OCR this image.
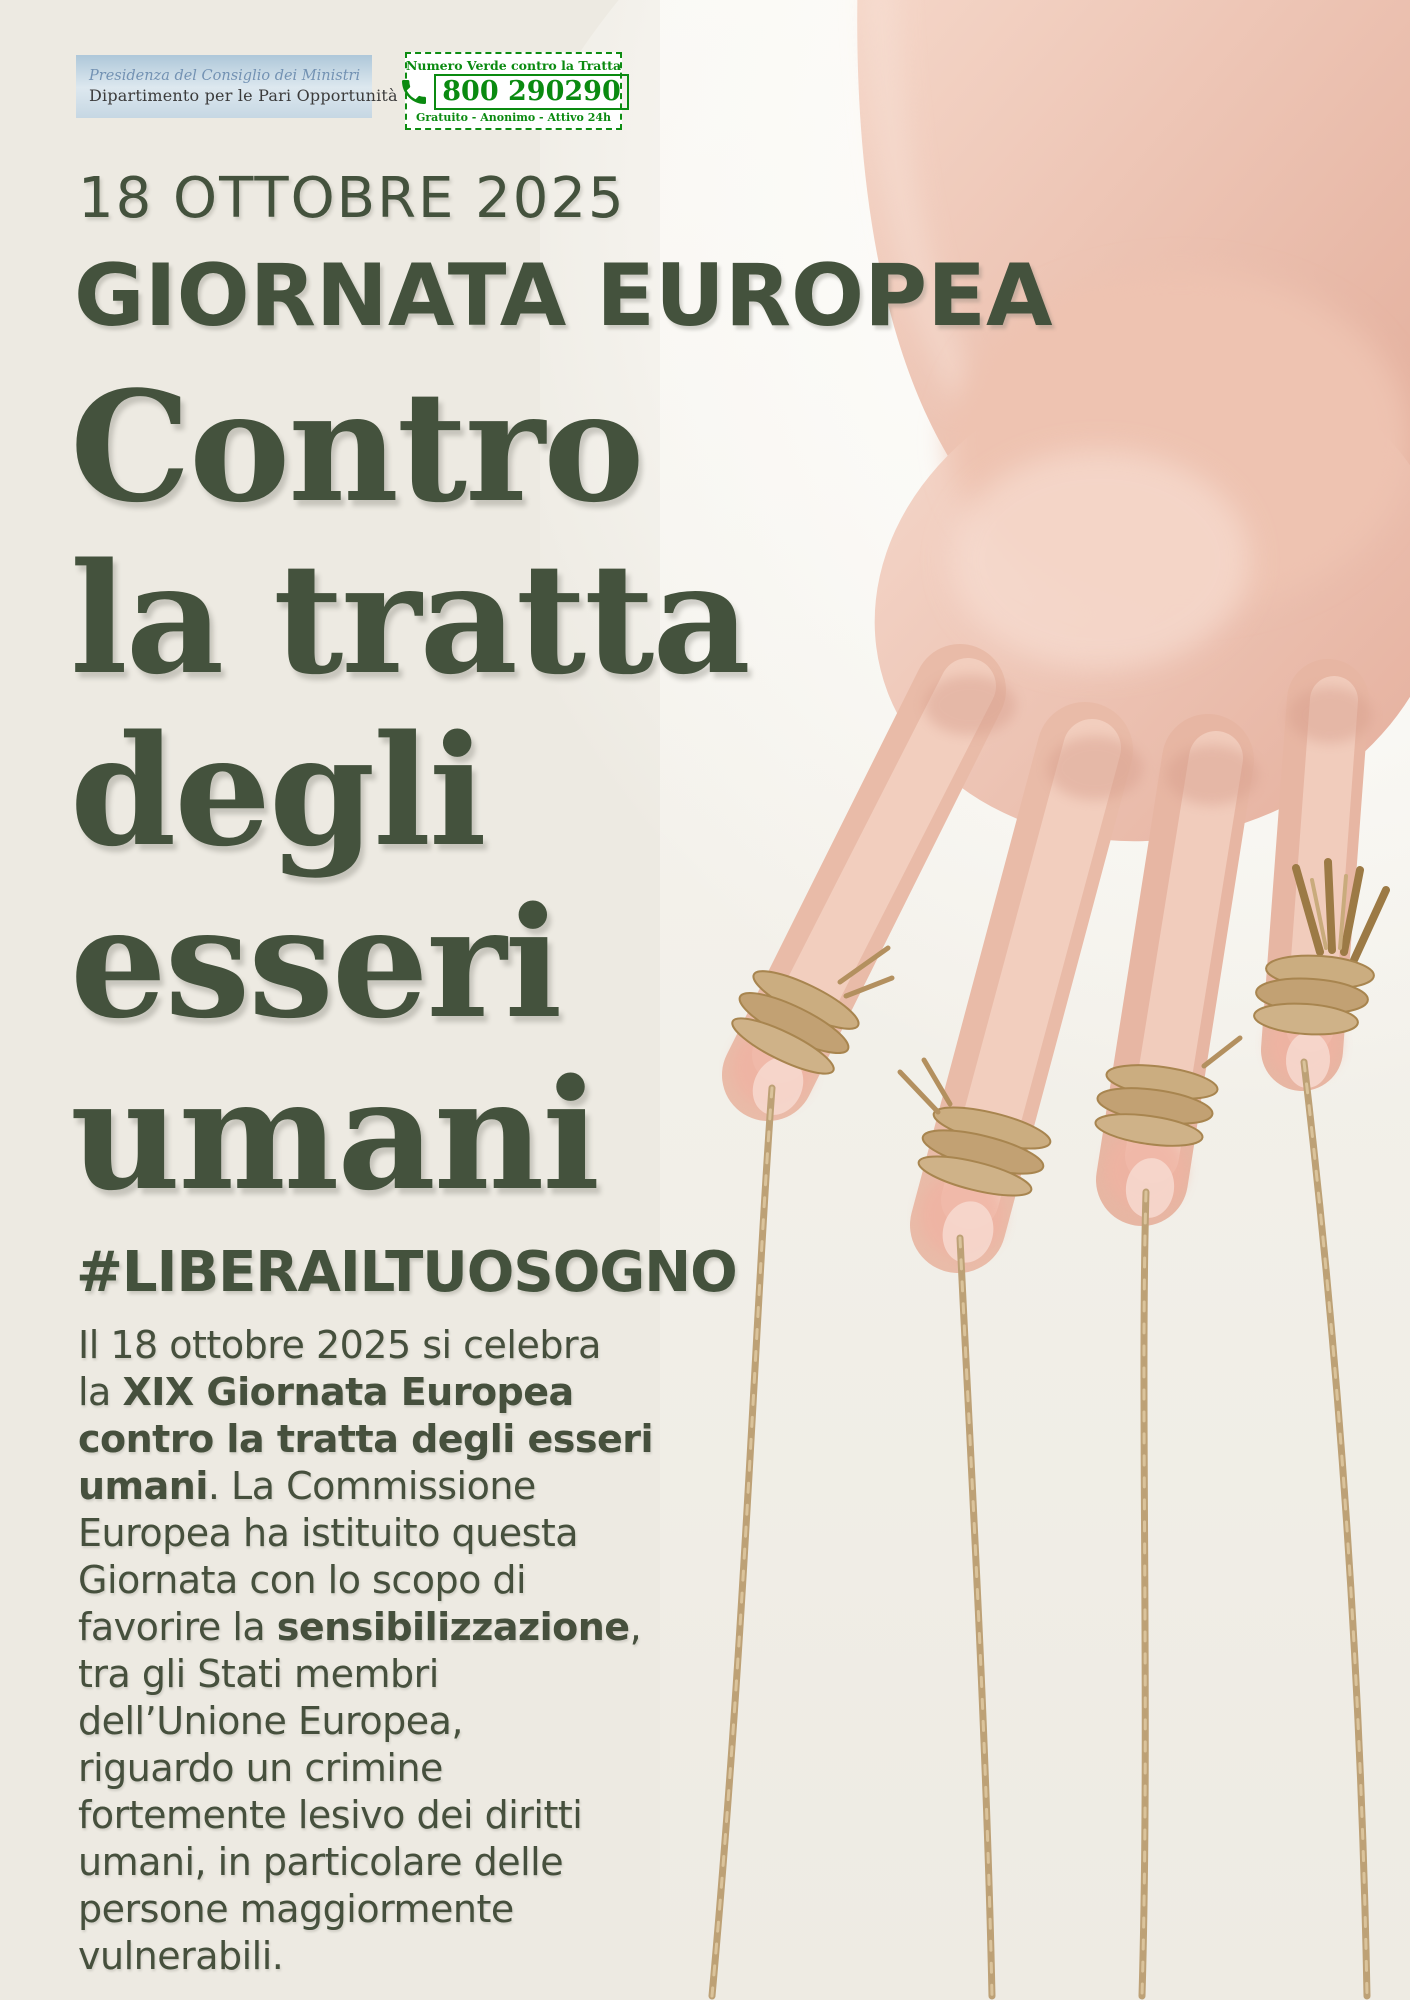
Presidenza del Consiglio dei Ministri
Dipartimento per le Pari Opportunità
Numero Verde contro la Tratta
800 290290
Gratuito - Anonimo - Attivo 24h
18 OTTOBRE 2025
GIORNATA EUROPEA
Contro
la tratta
degli
esseri
umani
#LIBERAILTUOSOGNO
Il 18 ottobre 2025 si celebra
la XIX Giornata Europea
contro la tratta degli esseri
umani. La Commissione
Europea ha istituito questa
Giornata con lo scopo di
favorire la sensibilizzazione,
tra gli Stati membri
dell’Unione Europea,
riguardo un crimine
fortemente lesivo dei diritti
umani, in particolare delle
persone maggiormente
vulnerabili.
